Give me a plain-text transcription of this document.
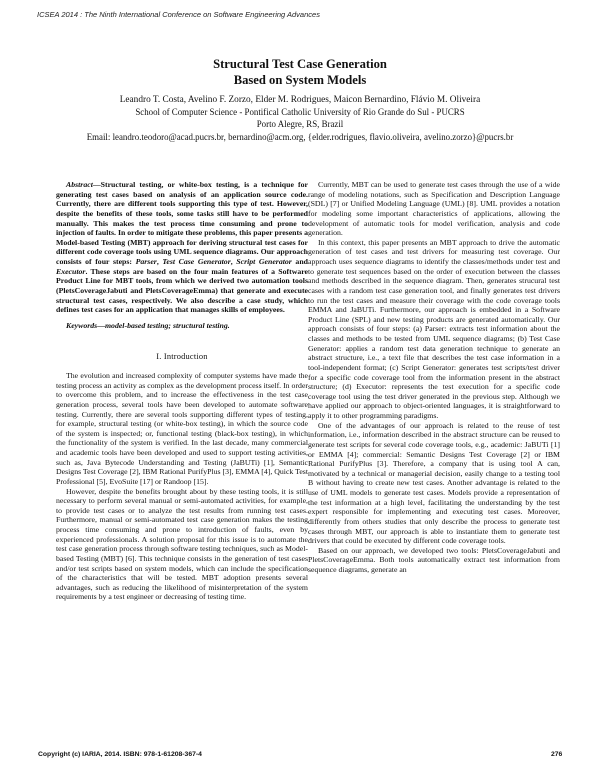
ICSEA 2014 : The Ninth International Conference on Software Engineering Advances
Structural Test Case Generation
Based on System Models
Leandro T. Costa, Avelino F. Zorzo, Elder M. Rodrigues, Maicon Bernardino, Flávio M. Oliveira
School of Computer Science - Pontifical Catholic University of Rio Grande do Sul - PUCRS
Porto Alegre, RS, Brazil
Email: leandro.teodoro@acad.pucrs.br, bernardino@acm.org, {elder.rodrigues, flavio.oliveira, avelino.zorzo}@pucrs.br

Abstract—Structural testing, or white-box testing, is a technique for generating test cases based on analysis of an application source code. Currently, there are different tools supporting this type of test. However, despite the benefits of these tools, some tasks still have to be performed manually. This makes the test process time consuming and prone to injection of faults. In order to mitigate these problems, this paper presents a Model-based Testing (MBT) approach for deriving structural test cases for different code coverage tools using UML sequence diagrams. Our approach consists of four steps: Parser, Test Case Generator, Script Generator and Executor. These steps are based on the four main features of a Software Product Line for MBT tools, from which we derived two automation tools (PletsCoverageJabuti and PletsCoverageEmma) that generate and execute structural test cases, respectively. We also describe a case study, which defines test cases for an application that manages skills of employees.

Keywords—model-based testing; structural testing.

I. Introduction

The evolution and increased complexity of computer systems have made the testing process an activity as complex as the development process itself. In order to overcome this problem, and to increase the effectiveness in the test case generation process, several tools have been developed to automate software testing. Currently, there are several tools supporting different types of testing, for example, structural testing (or white-box testing), in which the source code of the system is inspected; or, functional testing (black-box testing), in which the functionality of the system is verified. In the last decade, many commercial and academic tools have been developed and used to support testing activities, such as, Java Bytecode Understanding and Testing (JaBUTi) [1], Semantic Designs Test Coverage [2], IBM Rational PurifyPlus [3], EMMA [4], Quick Test Professional [5], EvoSuite [17] or Randoop [15].

However, despite the benefits brought about by these testing tools, it is still necessary to perform several manual or semi-automated activities, for example, to provide test cases or to analyze the test results from running test cases. Furthermore, manual or semi-automated test case generation makes the testing process time consuming and prone to introduction of faults, even by experienced professionals. A solution proposal for this issue is to automate the test case generation process through software testing techniques, such as Model-based Testing (MBT) [6]. This technique consists in the generation of test cases and/or test scripts based on system models, which can include the specification of the characteristics that will be tested. MBT adoption presents several advantages, such as reducing the likelihood of misinterpretation of the system requirements by a test engineer or decreasing of testing time.

Currently, MBT can be used to generate test cases through the use of a wide range of modeling notations, such as Specification and Description Language (SDL) [7] or Unified Modeling Language (UML) [8]. UML provides a notation for modeling some important characteristics of applications, allowing the development of automatic tools for model verification, analysis and code generation.

In this context, this paper presents an MBT approach to drive the automatic generation of test cases and test drivers for measuring test coverage. Our approach uses sequence diagrams to identify the classes/methods under test and to generate test sequences based on the order of execution between the classes and methods described in the sequence diagram. Then, generates strucural test cases with a random test case generation tool, and finally generates test drivers to run the test cases and measure their coverage with the code coverage tools EMMA and JaBUTi. Furthermore, our approach is embedded in a Software Product Line (SPL) and new testing products are generated automatically. Our approach consists of four steps: (a) Parser: extracts test information about the classes and methods to be tested from UML sequence diagrams; (b) Test Case Generator: applies a random test data generation technique to generate an abstract structure, i.e., a text file that describes the test case information in a tool-independent format; (c) Script Generator: generates test scripts/test driver for a specific code coverage tool from the information present in the abstract structure; (d) Executor: represents the test execution for a specific code coverage tool using the test driver generated in the previous step. Although we have applied our approach to object-oriented languages, it is straightforward to apply it to other programming paradigms.

One of the advantages of our approach is related to the reuse of test information, i.e., information described in the abstract structure can be reused to generate test scripts for several code coverage tools, e.g., academic: JaBUTi [1] or EMMA [4]; commercial: Semantic Designs Test Coverage [2] or IBM Rational PurifyPlus [3]. Therefore, a company that is using tool A can, motivated by a technical or managerial decision, easily change to a testing tool B without having to create new test cases. Another advantage is related to the use of UML models to generate test cases. Models provide a representation of the test information at a high level, facilitating the understanding by the test expert responsible for implementing and executing test cases. Moreover, differently from others studies that only describe the process to generate test cases through MBT, our approach is able to instantiate them to generate test drivers that could be executed by different code coverage tools.

Based on our approach, we developed two tools: PletsCoverageJabuti and PletsCoverageEmma. Both tools automatically extract test information from sequence diagrams, generate an

Copyright (c) IARIA, 2014. ISBN: 978-1-61208-367-4	276
